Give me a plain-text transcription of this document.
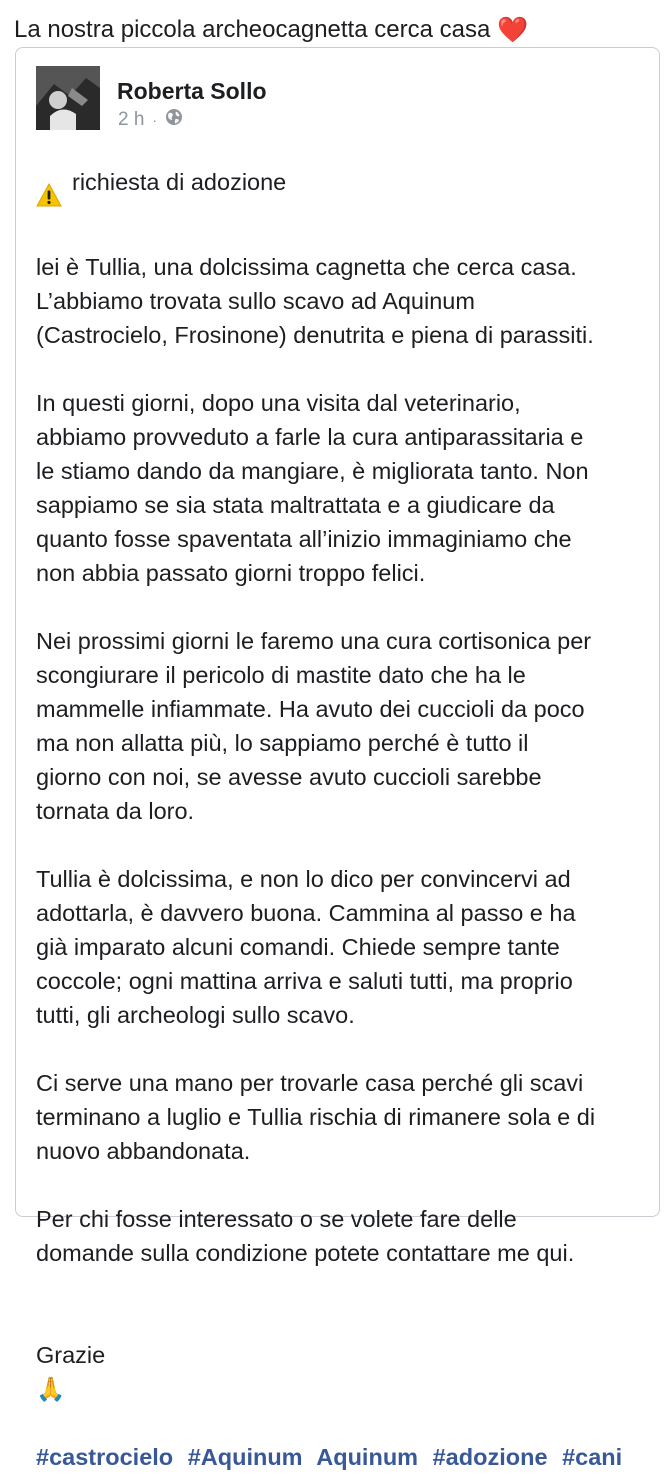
La nostra piccola archeocagnetta cerca casa ❤️
Roberta Sollo
2 h ·

richiesta di adozione

lei è Tullia, una dolcissima cagnetta che cerca casa.
L’abbiamo trovata sullo scavo ad Aquinum
(Castrocielo, Frosinone) denutrita e piena di parassiti.

In questi giorni, dopo una visita dal veterinario,
abbiamo provveduto a farle la cura antiparassitaria e
le stiamo dando da mangiare, è migliorata tanto. Non
sappiamo se sia stata maltrattata e a giudicare da
quanto fosse spaventata all’inizio immaginiamo che
non abbia passato giorni troppo felici.

Nei prossimi giorni le faremo una cura cortisonica per
scongiurare il pericolo di mastite dato che ha le
mammelle infiammate. Ha avuto dei cuccioli da poco
ma non allatta più, lo sappiamo perché è tutto il
giorno con noi, se avesse avuto cuccioli sarebbe
tornata da loro.

Tullia è dolcissima, e non lo dico per convincervi ad
adottarla, è davvero buona. Cammina al passo e ha
già imparato alcuni comandi. Chiede sempre tante
coccole; ogni mattina arriva e saluti tutti, ma proprio
tutti, gli archeologi sullo scavo.

Ci serve una mano per trovarle casa perché gli scavi
terminano a luglio e Tullia rischia di rimanere sola e di
nuovo abbandonata.

Per chi fosse interessato o se volete fare delle
domande sulla condizione potete contattare me qui.

Grazie
🙏

#castrocielo #Aquinum Aquinum #adozione #cani
